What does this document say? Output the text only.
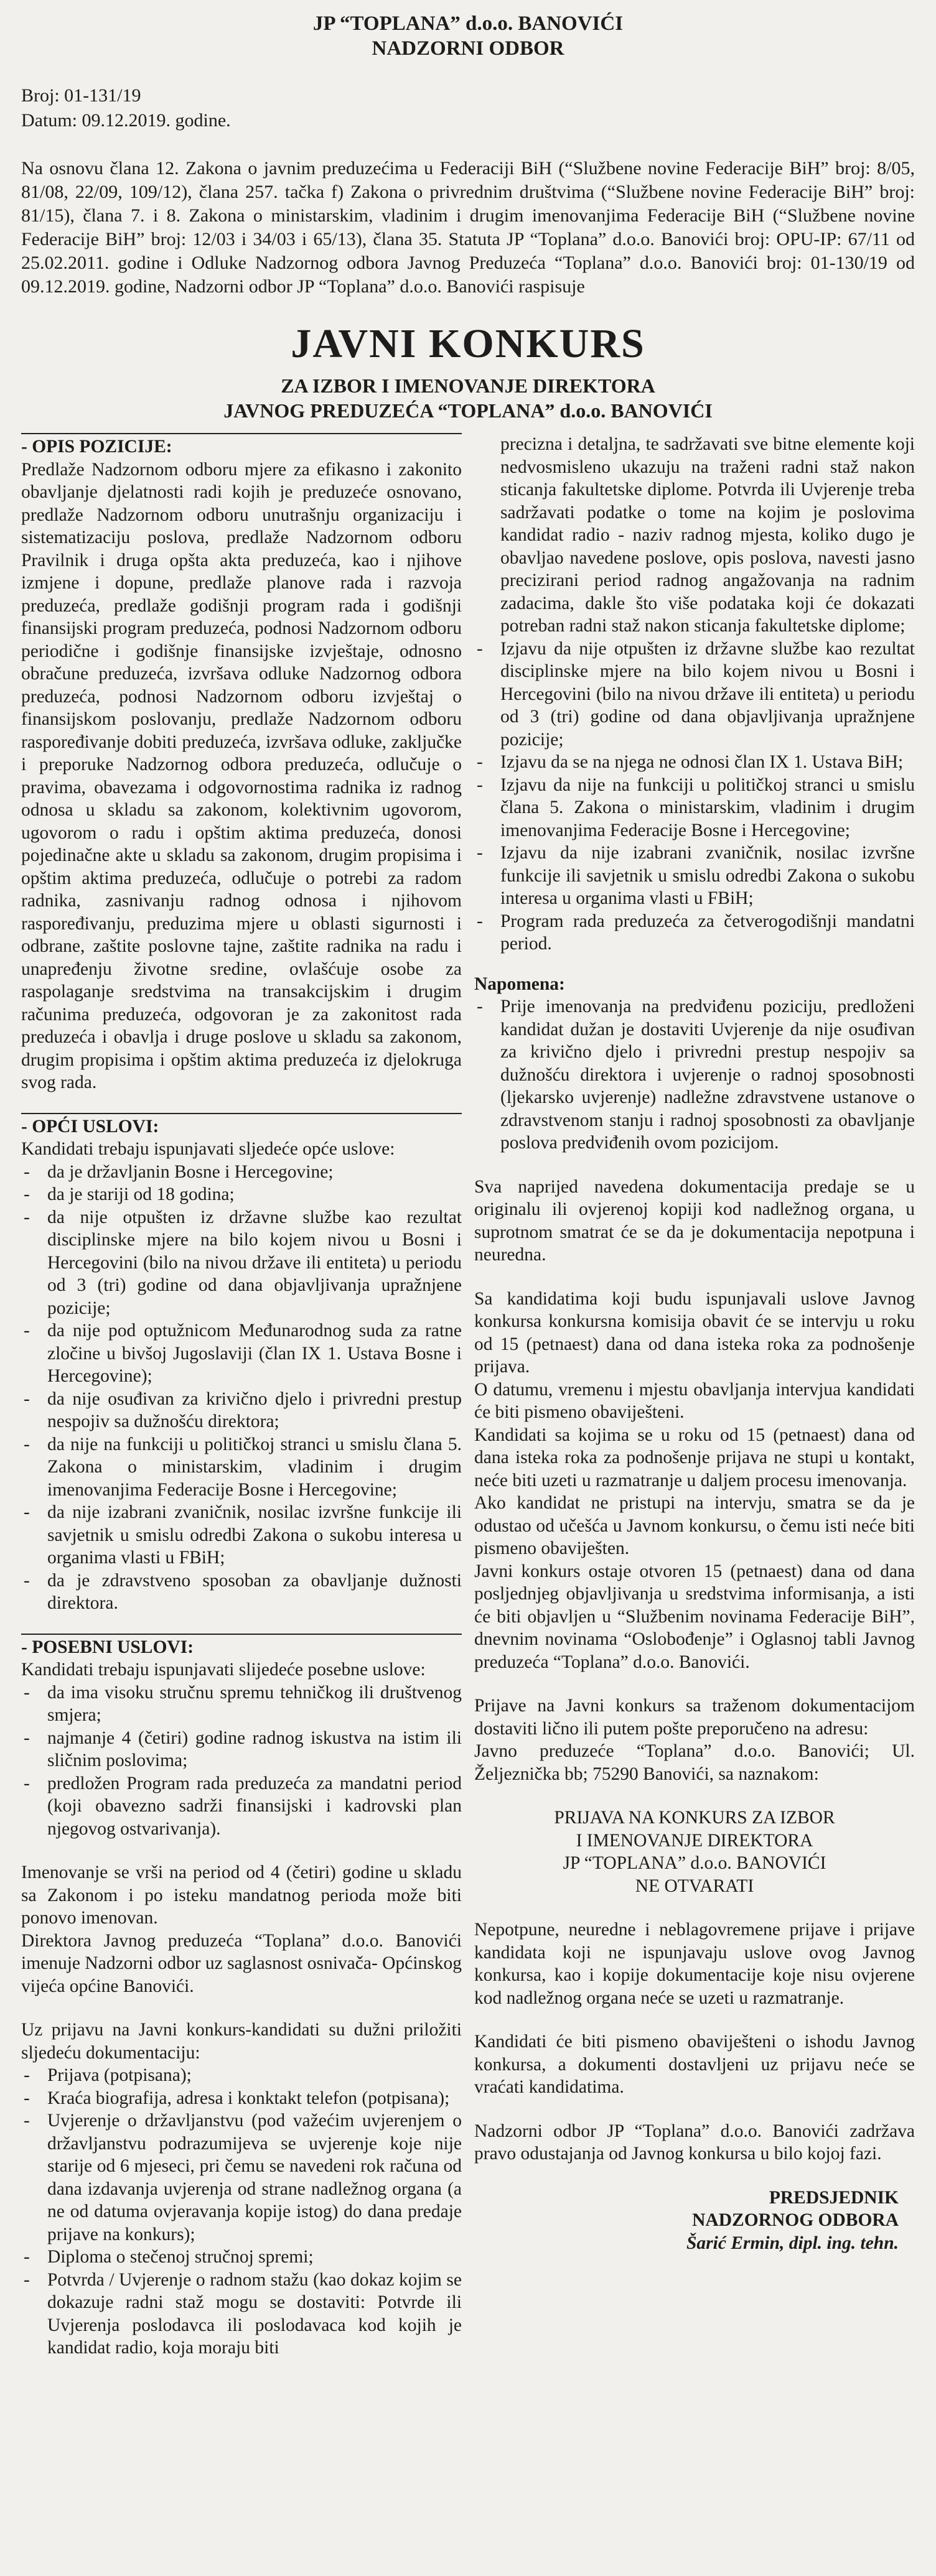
JP “TOPLANA” d.o.o. BANOVIĆI
NADZORNI ODBOR
Broj: 01-131/19
Datum: 09.12.2019. godine.

Na osnovu člana 12. Zakona o javnim preduzećima u Federaciji BiH (“Službene novine Federacije BiH” broj: 8/05, 81/08, 22/09, 109/12), člana 257. tačka f) Zakona o privrednim društvima (“Službene novine Federacije BiH” broj: 81/15), člana 7. i 8. Zakona o ministarskim, vladinim i drugim imenovanjima Federacije BiH (“Službene novine Federacije BiH” broj: 12/03 i 34/03 i 65/13), člana 35. Statuta JP “Toplana” d.o.o. Banovići broj: OPU-IP: 67/11 od 25.02.2011. godine i Odluke Nadzornog odbora Javnog Preduzeća “Toplana” d.o.o. Banovići broj: 01-130/19 od 09.12.2019. godine, Nadzorni odbor JP “Toplana” d.o.o. Banovići raspisuje

JAVNI KONKURS
ZA IZBOR I IMENOVANJE DIREKTORA
JAVNOG PREDUZEĆA “TOPLANA” d.o.o. BANOVIĆI
- OPIS POZICIJE:

Predlaže Nadzornom odboru mjere za efikasno i zakonito obavljanje djelatnosti radi kojih je preduzeće osnovano, predlaže Nadzornom odboru unutrašnju organizaciju i sistematizaciju poslova, predlaže Nadzornom odboru Pravilnik i druga opšta akta preduzeća, kao i njihove izmjene i dopune, predlaže planove rada i razvoja preduzeća, predlaže godišnji program rada i godišnji finansijski program preduzeća, podnosi Nadzornom odboru periodične i godišnje finansijske izvještaje, odnosno obračune preduzeća, izvršava odluke Nadzornog odbora preduzeća, podnosi Nadzornom odboru izvještaj o finansijskom poslovanju, predlaže Nadzornom odboru raspoređivanje dobiti preduzeća, izvršava odluke, zaključke i preporuke Nadzornog odbora preduzeća, odlučuje o pravima, obavezama i odgovornostima radnika iz radnog odnosa u skladu sa zakonom, kolektivnim ugovorom, ugovorom o radu i opštim aktima preduzeća, donosi pojedinačne akte u skladu sa zakonom, drugim propisima i opštim aktima preduzeća, odlučuje o potrebi za radom radnika, zasnivanju radnog odnosa i njihovom raspoređivanju, preduzima mjere u oblasti sigurnosti i odbrane, zaštite poslovne tajne, zaštite radnika na radu i unapređenju životne sredine, ovlašćuje osobe za raspolaganje sredstvima na transakcijskim i drugim računima preduzeća, odgovoran je za zakonitost rada preduzeća i obavlja i druge poslove u skladu sa zakonom, drugim propisima i opštim aktima preduzeća iz djelokruga svog rada.

- OPĆI USLOVI:

Kandidati trebaju ispunjavati sljedeće opće uslove:

- da je državljanin Bosne i Hercegovine;
- da je stariji od 18 godina;
- da nije otpušten iz državne službe kao rezultat disciplinske mjere na bilo kojem nivou u Bosni i Hercegovini (bilo na nivou države ili entiteta) u periodu od 3 (tri) godine od dana objavljivanja upražnjene pozicije;
- da nije pod optužnicom Međunarodnog suda za ratne zločine u bivšoj Jugoslaviji (član IX 1. Ustava Bosne i Hercegovine);
- da nije osuđivan za krivično djelo i privredni prestup nespojiv sa dužnošću direktora;
- da nije na funkciji u političkoj stranci u smislu člana 5. Zakona o ministarskim, vladinim i drugim imenovanjima Federacije Bosne i Hercegovine;
- da nije izabrani zvaničnik, nosilac izvršne funkcije ili savjetnik u smislu odredbi Zakona o sukobu interesa u organima vlasti u FBiH;
- da je zdravstveno sposoban za obavljanje dužnosti direktora.
- POSEBNI USLOVI:

Kandidati trebaju ispunjavati slijedeće posebne uslove:

- da ima visoku stručnu spremu tehničkog ili društvenog smjera;
- najmanje 4 (četiri) godine radnog iskustva na istim ili sličnim poslovima;
- predložen Program rada preduzeća za mandatni period (koji obavezno sadrži finansijski i kadrovski plan njegovog ostvarivanja).

Imenovanje se vrši na period od 4 (četiri) godine u skladu sa Zakonom i po isteku mandatnog perioda može biti ponovo imenovan.

Direktora Javnog preduzeća “Toplana” d.o.o. Banovići imenuje Nadzorni odbor uz saglasnost osnivača- Općinskog vijeća općine Banovići.

Uz prijavu na Javni konkurs-kandidati su dužni priložiti sljedeću dokumentaciju:

- Prijava (potpisana);
- Kraća biografija, adresa i konktakt telefon (potpisana);
- Uvjerenje o državljanstvu (pod važećim uvjerenjem o državljanstvu podrazumijeva se uvjerenje koje nije starije od 6 mjeseci, pri čemu se navedeni rok računa od dana izdavanja uvjerenja od strane nadležnog organa (a ne od datuma ovjeravanja kopije istog) do dana predaje prijave na konkurs);
- Diploma o stečenoj stručnoj spremi;
- Potvrda / Uvjerenje o radnom stažu (kao dokaz kojim se dokazuje radni staž mogu se dostaviti: Potvrde ili Uvjerenja poslodavca ili poslodavaca kod kojih je kandidat radio, koja moraju biti

precizna i detaljna, te sadržavati sve bitne elemente koji nedvosmisleno ukazuju na traženi radni staž nakon sticanja fakultetske diplome. Potvrda ili Uvjerenje treba sadržavati podatke o tome na kojim je poslovima kandidat radio - naziv radnog mjesta, koliko dugo je obavljao navedene poslove, opis poslova, navesti jasno precizirani period radnog angažovanja na radnim zadacima, dakle što više podataka koji će dokazati potreban radni staž nakon sticanja fakultetske diplome;

- Izjavu da nije otpušten iz državne službe kao rezultat disciplinske mjere na bilo kojem nivou u Bosni i Hercegovini (bilo na nivou države ili entiteta) u periodu od 3 (tri) godine od dana objavljivanja upražnjene pozicije;
- Izjavu da se na njega ne odnosi član IX 1. Ustava BiH;
- Izjavu da nije na funkciji u političkoj stranci u smislu člana 5. Zakona o ministarskim, vladinim i drugim imenovanjima Federacije Bosne i Hercegovine;
- Izjavu da nije izabrani zvaničnik, nosilac izvršne funkcije ili savjetnik u smislu odredbi Zakona o sukobu interesa u organima vlasti u FBiH;
- Program rada preduzeća za četverogodišnji mandatni period.
Napomena:
- Prije imenovanja na predviđenu poziciju, predloženi kandidat dužan je dostaviti Uvjerenje da nije osuđivan za krivično djelo i privredni prestup nespojiv sa dužnošću direktora i uvjerenje o radnoj sposobnosti (ljekarsko uvjerenje) nadležne zdravstvene ustanove o zdravstvenom stanju i radnoj sposobnosti za obavljanje poslova predviđenih ovom pozicijom.

Sva naprijed navedena dokumentacija predaje se u originalu ili ovjerenoj kopiji kod nadležnog organa, u suprotnom smatrat će se da je dokumentacija nepotpuna i neuredna.

Sa kandidatima koji budu ispunjavali uslove Javnog konkursa konkursna komisija obavit će se intervju u roku od 15 (petnaest) dana od dana isteka roka za podnošenje prijava.

O datumu, vremenu i mjestu obavljanja intervjua kandidati će biti pismeno obaviješteni.

Kandidati sa kojima se u roku od 15 (petnaest) dana od dana isteka roka za podnošenje prijava ne stupi u kontakt, neće biti uzeti u razmatranje u daljem procesu imenovanja.

Ako kandidat ne pristupi na intervju, smatra se da je odustao od učešća u Javnom konkursu, o čemu isti neće biti pismeno obaviješten.

Javni konkurs ostaje otvoren 15 (petnaest) dana od dana posljednjeg objavljivanja u sredstvima informisanja, a isti će biti objavljen u “Službenim novinama Federacije BiH”, dnevnim novinama “Oslobođenje” i Oglasnoj tabli Javnog preduzeća “Toplana” d.o.o. Banovići.

Prijave na Javni konkurs sa traženom dokumentacijom dostaviti lično ili putem pošte preporučeno na adresu:

Javno preduzeće “Toplana” d.o.o. Banovići; Ul. Željeznička bb; 75290 Banovići, sa naznakom:

PRIJAVA NA KONKURS ZA IZBOR
I IMENOVANJE DIREKTORA
JP “TOPLANA” d.o.o. BANOVIĆI
NE OTVARATI

Nepotpune, neuredne i neblagovremene prijave i prijave kandidata koji ne ispunjavaju uslove ovog Javnog konkursa, kao i kopije dokumentacije koje nisu ovjerene kod nadležnog organa neće se uzeti u razmatranje.

Kandidati će biti pismeno obaviješteni o ishodu Javnog konkursa, a dokumenti dostavljeni uz prijavu neće se vraćati kandidatima.

Nadzorni odbor JP “Toplana” d.o.o. Banovići zadržava pravo odustajanja od Javnog konkursa u bilo kojoj fazi.

PREDSJEDNIK
NADZORNOG ODBORA
Šarić Ermin, dipl. ing. tehn.
